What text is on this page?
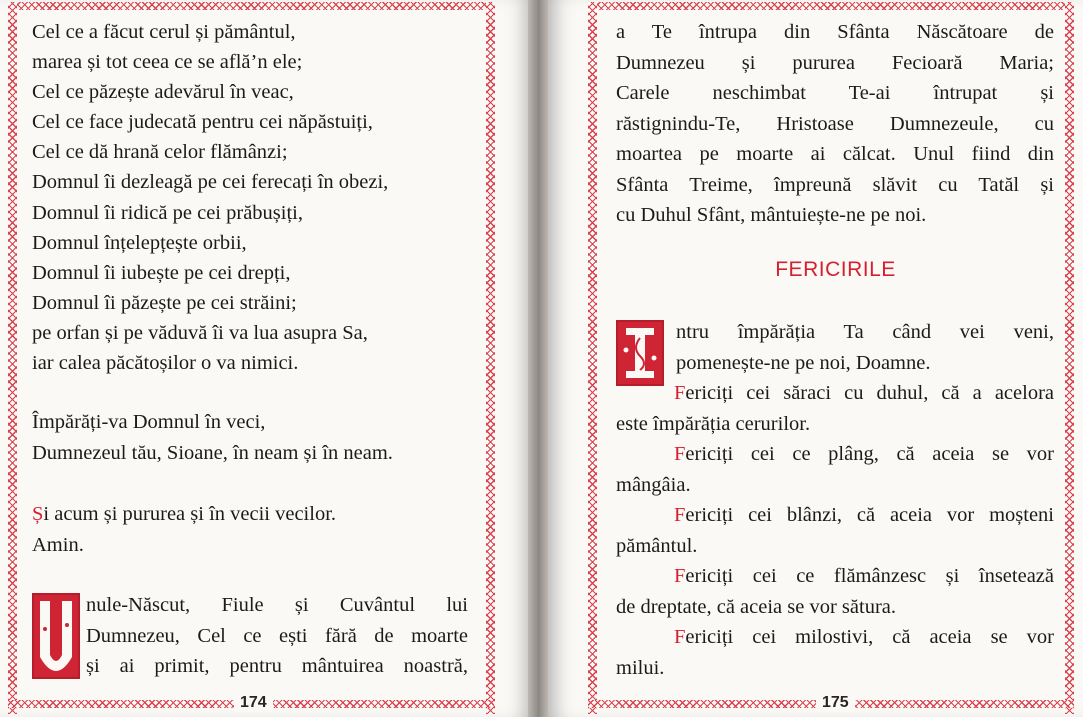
174
Cel ce a făcut cerul și pământul,
marea și tot ceea ce se află’n ele;
Cel ce păzește adevărul în veac,
Cel ce face judecată pentru cei năpăstuiți,
Cel ce dă hrană celor flămânzi;
Domnul îi dezleagă pe cei ferecați în obezi,
Domnul îi ridică pe cei prăbușiți,
Domnul înțelepțește orbii,
Domnul îi iubește pe cei drepți,
Domnul îi păzește pe cei străini;
pe orfan și pe văduvă îi va lua asupra Sa,
iar calea păcătoșilor o va nimici.
Împărăți-va Domnul în veci,
Dumnezeul tău, Sioane, în neam și în neam.
Și acum și pururea și în vecii vecilor.
Amin.
nule-Născut, Fiule și Cuvântul lui
Dumnezeu, Cel ce ești fără de moarte
și ai primit, pentru mântuirea noastră,
175
a Te întrupa din Sfânta Născătoare de
Dumnezeu și pururea Fecioară Maria;
Carele neschimbat Te-ai întrupat și
răstignindu-Te, Hristoase Dumnezeule, cu
moartea pe moarte ai călcat. Unul fiind din
Sfânta Treime, împreună slăvit cu Tatăl și
cu Duhul Sfânt, mântuiește-ne pe noi.
FERICIRILE
ntru împărăția Ta când vei veni,
pomenește-ne pe noi, Doamne.
Fericiți cei săraci cu duhul, că a acelora
este împărăția cerurilor.
Fericiți cei ce plâng, că aceia se vor
mângâia.
Fericiți cei blânzi, că aceia vor moșteni
pământul.
Fericiți cei ce flămânzesc și însetează
de dreptate, că aceia se vor sătura.
Fericiți cei milostivi, că aceia se vor
milui.
